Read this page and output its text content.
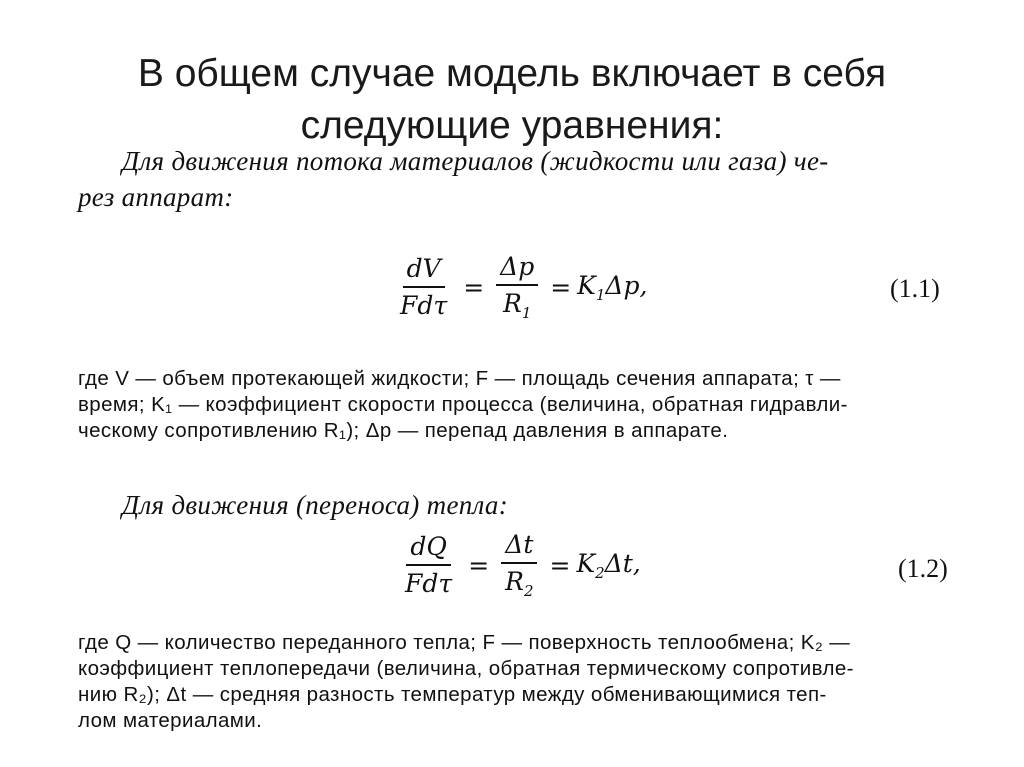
В общем случае модель включает в себя
следующие уравнения:
Для движения потока материалов (жидкости или газа) че-
рез аппарат:
$\frac{dV}{\text{Fdτ}} = \frac{\Delta p}{R_1} = K_1\Delta p$,	(1.1)
где V — объем протекающей жидкости; F — площадь сечения аппарата; τ —
время; K₁ — коэффициент скорости процесса (величина, обратная гидравли-
ческому сопротивлению R₁); Δp — перепад давления в аппарате.
Для движения (переноса) тепла:
$\frac{dQ}{\text{Fdτ}} = \frac{\Delta t}{R_2} = K_2\Delta t$,	(1.2)
где Q — количество переданного тепла; F — поверхность теплообмена; K₂ —
коэффициент теплопередачи (величина, обратная термическому сопротивле-
нию R₂); Δt — средняя разность температур между обменивающимися теп-
лом материалами.
